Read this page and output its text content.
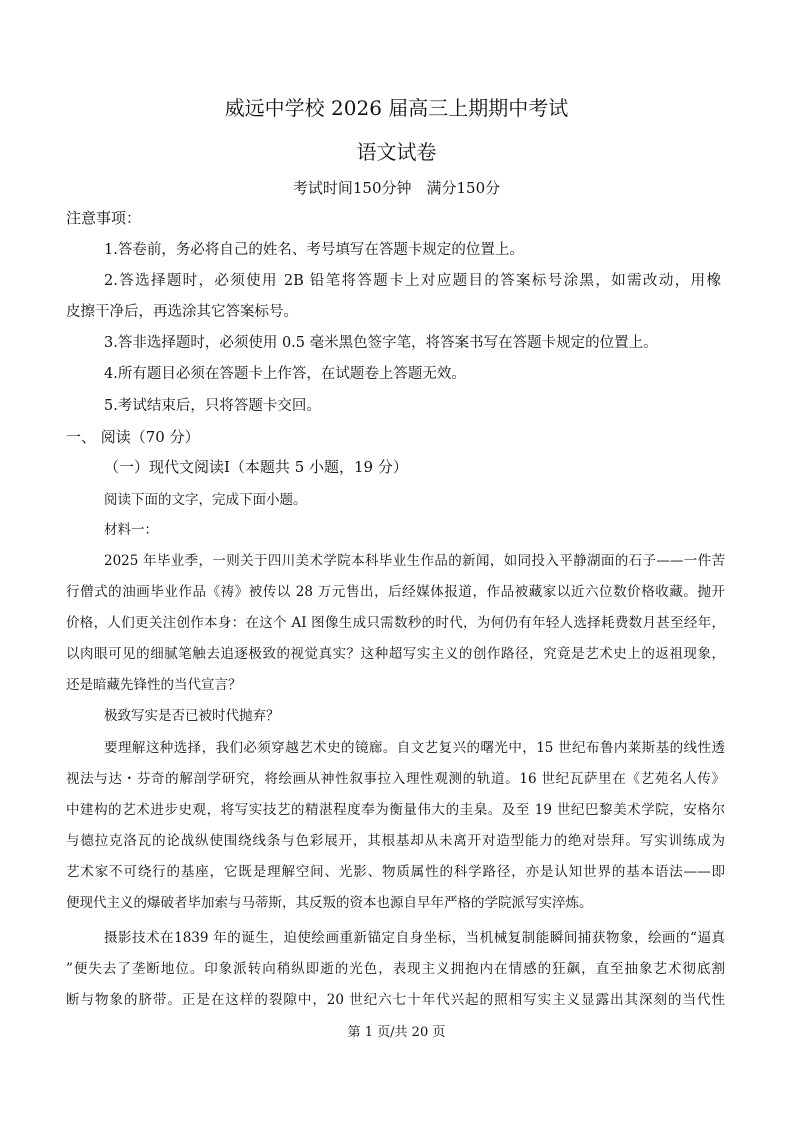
威远中学校 2026 届高三上期期中考试
语文试卷
考试时间150分钟　满分150分
注意事项：
1.答卷前，务必将自己的姓名、考号填写在答题卡规定的位置上。
2.答选择题时，必须使用 2B 铅笔将答题卡上对应题目的答案标号涂黑，如需改动，用橡
皮擦干净后，再选涂其它答案标号。
3.答非选择题时，必须使用 0.5 毫米黑色签字笔，将答案书写在答题卡规定的位置上。
4.所有题目必须在答题卡上作答，在试题卷上答题无效。
5.考试结束后，只将答题卡交回。
一、 阅读（70 分）
（一）现代文阅读Ⅰ（本题共 5 小题，19 分）
阅读下面的文字，完成下面小题。
材料一：
2025 年毕业季，一则关于四川美术学院本科毕业生作品的新闻，如同投入平静湖面的石子——一件苦
行僧式的油画毕业作品《祷》被传以 28 万元售出，后经媒体报道，作品被藏家以近六位数价格收藏。抛开
价格，人们更关注创作本身：在这个 AI 图像生成只需数秒的时代，为何仍有年轻人选择耗费数月甚至经年，
以肉眼可见的细腻笔触去追逐极致的视觉真实？这种超写实主义的创作路径，究竟是艺术史上的返祖现象，
还是暗藏先锋性的当代宣言？
极致写实是否已被时代抛弃？
要理解这种选择，我们必须穿越艺术史的镜廊。自文艺复兴的曙光中，15 世纪布鲁内莱斯基的线性透
视法与达・芬奇的解剖学研究，将绘画从神性叙事拉入理性观测的轨道。16 世纪瓦萨里在《艺苑名人传》
中建构的艺术进步史观，将写实技艺的精湛程度奉为衡量伟大的圭臬。及至 19 世纪巴黎美术学院，安格尔
与德拉克洛瓦的论战纵使围绕线条与色彩展开，其根基却从未离开对造型能力的绝对崇拜。写实训练成为
艺术家不可绕行的基座，它既是理解空间、光影、物质属性的科学路径，亦是认知世界的基本语法——即
便现代主义的爆破者毕加索与马蒂斯，其反叛的资本也源自早年严格的学院派写实淬炼。
摄影技术在1839 年的诞生，迫使绘画重新锚定自身坐标，当机械复制能瞬间捕获物象，绘画的“逼真
”便失去了垄断地位。印象派转向稍纵即逝的光色，表现主义拥抱内在情感的狂飙，直至抽象艺术彻底割
断与物象的脐带。正是在这样的裂隙中，20 世纪六七十年代兴起的照相写实主义显露出其深刻的当代性
第 1 页/共 20 页
